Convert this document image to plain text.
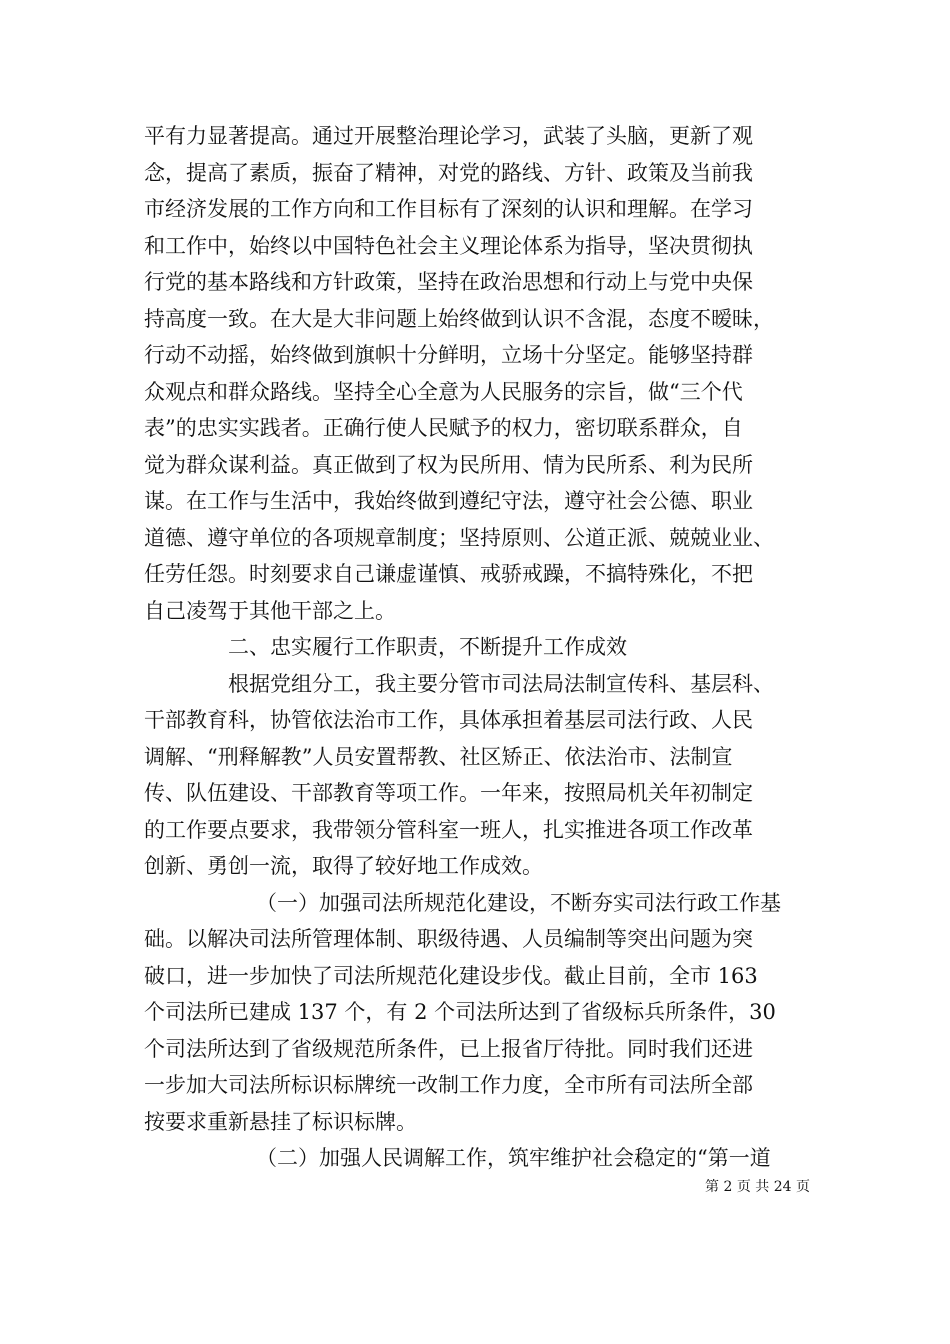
平有力显著提高。通过开展整治理论学习，武装了头脑，更新了观
念，提高了素质，振奋了精神，对党的路线、方针、政策及当前我
市经济发展的工作方向和工作目标有了深刻的认识和理解。在学习
和工作中，始终以中国特色社会主义理论体系为指导，坚决贯彻执
行党的基本路线和方针政策，坚持在政治思想和行动上与党中央保
持高度一致。在大是大非问题上始终做到认识不含混，态度不暧昧，
行动不动摇，始终做到旗帜十分鲜明，立场十分坚定。能够坚持群
众观点和群众路线。坚持全心全意为人民服务的宗旨，做“三个代
表”的忠实实践者。正确行使人民赋予的权力，密切联系群众，自
觉为群众谋利益。真正做到了权为民所用、情为民所系、利为民所
谋。在工作与生活中，我始终做到遵纪守法，遵守社会公德、职业
道德、遵守单位的各项规章制度；坚持原则、公道正派、兢兢业业、
任劳任怨。时刻要求自己谦虚谨慎、戒骄戒躁，不搞特殊化，不把
自己凌驾于其他干部之上。
二、忠实履行工作职责，不断提升工作成效
根据党组分工，我主要分管市司法局法制宣传科、基层科、
干部教育科，协管依法治市工作，具体承担着基层司法行政、人民
调解、“刑释解教”人员安置帮教、社区矫正、依法治市、法制宣
传、队伍建设、干部教育等项工作。一年来，按照局机关年初制定
的工作要点要求，我带领分管科室一班人，扎实推进各项工作改革
创新、勇创一流，取得了较好地工作成效。
（一）加强司法所规范化建设，不断夯实司法行政工作基
础。以解决司法所管理体制、职级待遇、人员编制等突出问题为突
破口，进一步加快了司法所规范化建设步伐。截止目前，全市 163
个司法所已建成 137 个，有 2 个司法所达到了省级标兵所条件，30
个司法所达到了省级规范所条件，已上报省厅待批。同时我们还进
一步加大司法所标识标牌统一改制工作力度，全市所有司法所全部
按要求重新悬挂了标识标牌。
（二）加强人民调解工作，筑牢维护社会稳定的“第一道
第 2 页 共 24 页
